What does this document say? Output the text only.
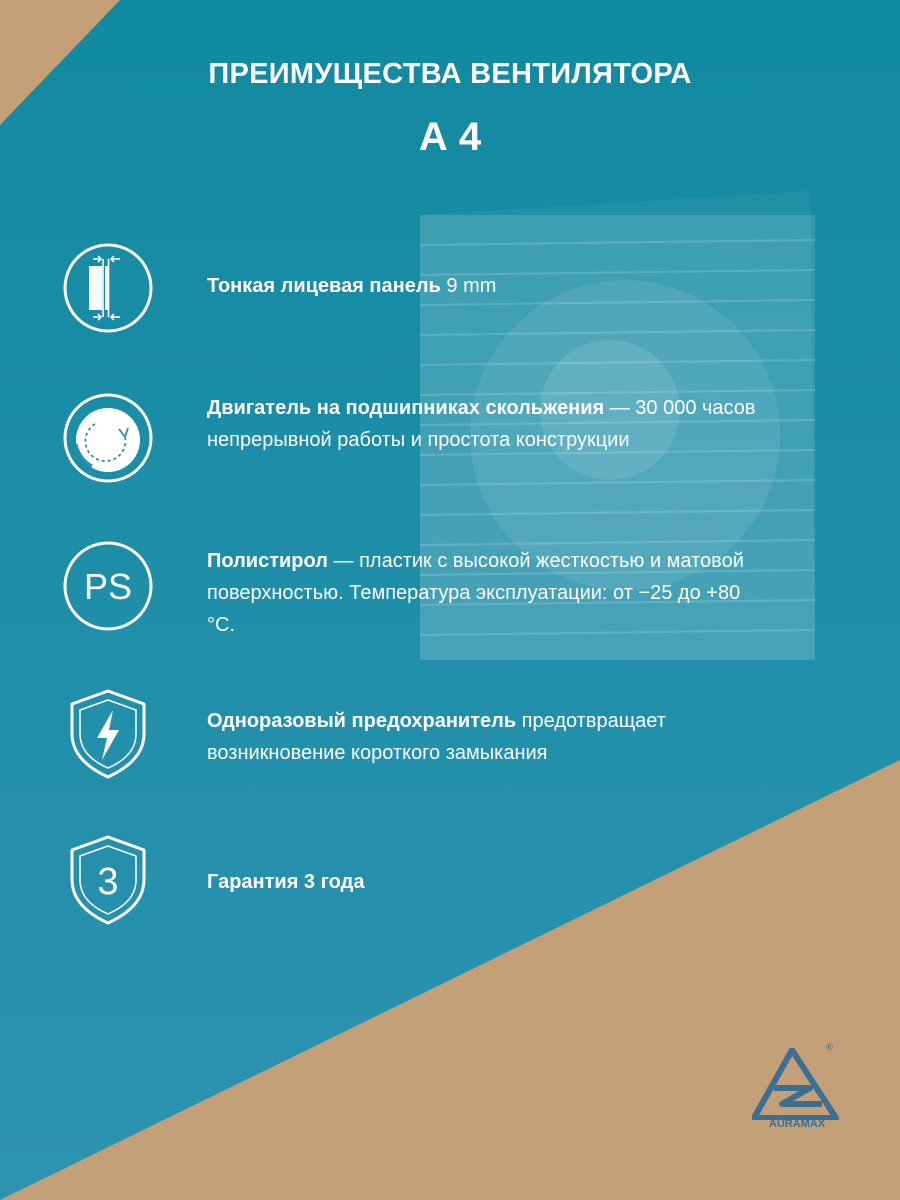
ПРЕИМУЩЕСТВА ВЕНТИЛЯТОРА
А 4
Тонкая лицевая панель 9 mm
Двигатель на подшипниках скольжения — 30 000 часов непрерывной работы и простота конструкции
PS
Полистирол — пластик с высокой жесткостью и матовой поверхностью. Температура эксплуатации: от −25 до +80 °С.
Одноразовый предохранитель предотвращает возникновение короткого замыкания
3	Гарантия 3 года
®
AURAMAX
